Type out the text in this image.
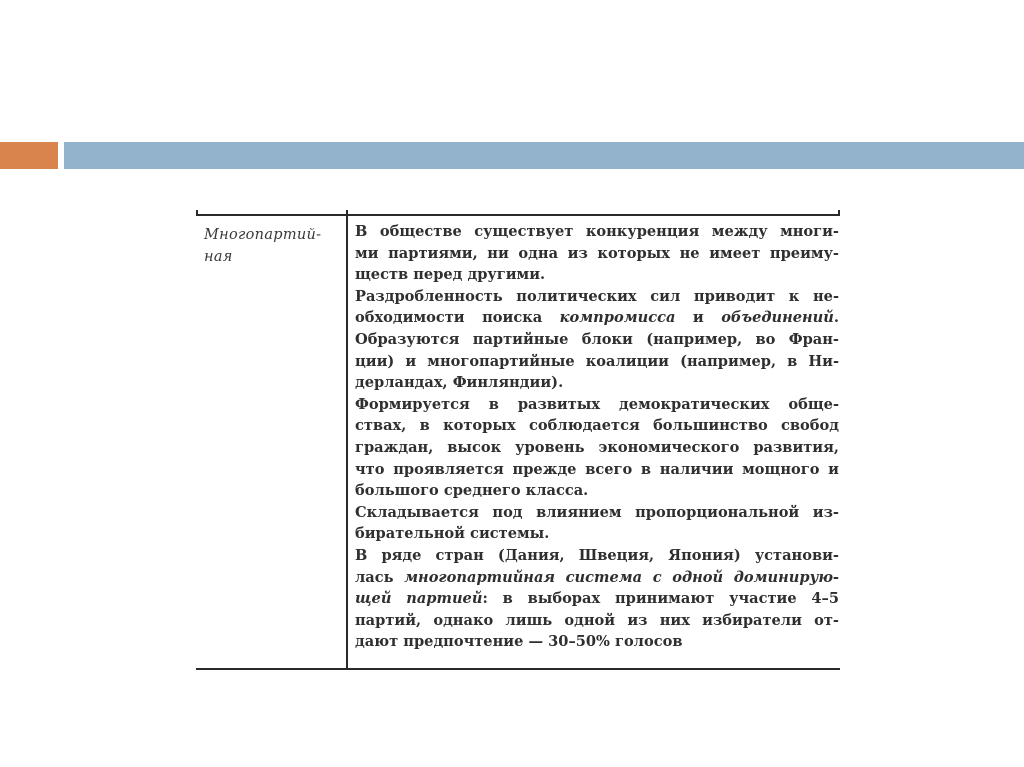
Многопартий-
ная
В обществе существует конкуренция между многи-
ми партиями, ни одна из которых не имеет преиму-
ществ перед другими.
Раздробленность политических сил приводит к не-
обходимости поиска компромисса и объединений.
Образуются партийные блоки (например, во Фран-
ции) и многопартийные коалиции (например, в Ни-
дерландах, Финляндии).
Формируется в развитых демократических обще-
ствах, в которых соблюдается большинство свобод
граждан, высок уровень экономического развития,
что проявляется прежде всего в наличии мощного и
большого среднего класса.
Складывается под влиянием пропорциональной из-
бирательной системы.
В ряде стран (Дания, Швеция, Япония) установи-
лась многопартийная система с одной доминирую-
щей партией: в выборах принимают участие 4–5
партий, однако лишь одной из них избиратели от-
дают предпочтение — 30–50% голосов
